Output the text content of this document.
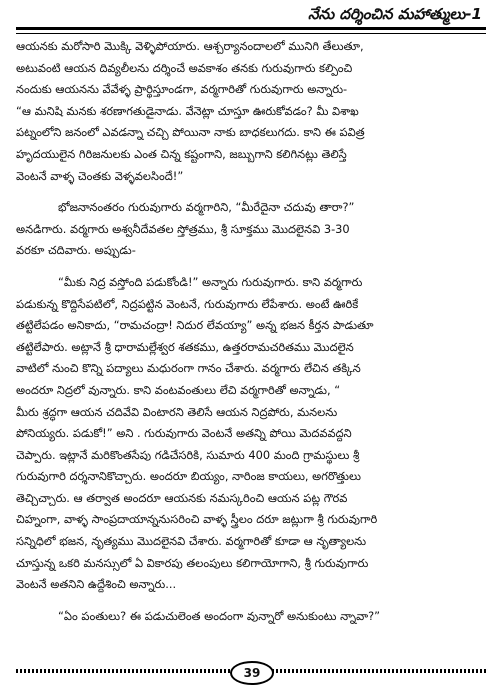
నేను దర్శించిన మహాత్ములు-1
ఆయనకు మరోసారి మొక్కి వెళ్ళిపోయారు. ఆశ్చర్యానందాలలో మునిగి తేలుతూ,
అటువంటి ఆయన దివ్యలీలను దర్శించే అవకాశం తనకు గురువుగారు కల్పించి
నందుకు ఆయనను వేవేళ్ళ ప్రార్థిస్తూండగా, వర్మగారితో గురువుగారు అన్నారు-
“ఆ మనిషి మనకు శరణాగతుడైనాడు. వేనెట్లా చూస్తూ ఊరుకోవడం? మీ విశాఖ
పట్నంలోని జనంలో ఎవడన్నా చచ్చి పోయినా నాకు బాధకలుగదు. కాని ఈ పవిత్ర
హృదయులైన గిరిజనులకు ఎంత చిన్న కష్టంగాని, జబ్బుగాని కలిగినట్లు తెలిస్తే
వెంటనే వాళ్ళ చెంతకు వెళ్ళవలసిందే!”
భోజనానంతరం గురువుగారు వర్మగారిని, “మీరేదైనా చదువు తారా?”
అనడిగారు. వర్మగారు అశ్వనీదేవతల స్తోత్రము, శ్రీ సూక్తము మొదలైనవి 3-30
వరకూ చదివారు. అప్పుడు-
“మీకు నిద్ర వస్తోంది పడుకోండి!” అన్నారు గురువుగారు. కాని వర్మగారు
పడుకున్న కొద్దిసేపటిలో, నిద్రపట్టిన వెంటనే, గురువుగారు లేపేశారు. అంటే ఊరికే
తట్టిలేపడం అనికాదు, “రామచంద్రా! నిదుర లేవయ్యా” అన్న భజన కీర్తన పాడుతూ
తట్టిలేపారు. అట్లానే శ్రీ ధారామల్లేశ్వర శతకము, ఉత్తరరామచరితము మొదలైన
వాటిలో నుంచి కొన్ని పద్యాలు మధురంగా గానం చేశారు. వర్మగారు లేచిన తక్కిన
అందరూ నిద్రలో వున్నారు. కాని వంటవంతులు లేచి వర్మగారితో అన్నాడు, “
మీరు శ్రద్ధగా ఆయన చదివేవి వింటారని తెలిసే ఆయన నిద్రపోరు, మనలను
పోనియ్యరు. పడుకో!” అని . గురువుగారు వెంటనే అతన్ని పోయి మెదవవద్దని
చెప్పారు. ఇట్లానే మరికొంతసేపు గడిచేసరికి, సుమారు 400 మంది గ్రామస్థులు శ్రీ
గురువుగారి దర్శనానికొచ్చారు. అందరూ బియ్యం, నారింజ కాయలు, అగరొత్తులు
తెచ్చిచ్చారు. ఆ తర్వాత అందరూ ఆయనకు నమస్కరించి ఆయన పట్ల గౌరవ
చిహ్నంగా, వాళ్ళ సాంప్రదాయాన్ననుసరించి వాళ్ళ స్త్రీలం దరూ జట్లుగా శ్రీ గురువుగారి
సన్నిధిలో భజన, నృత్యము మొదలైనవి చేశారు. వర్మగారితో కూడా ఆ నృత్యాలను
చూస్తున్న ఒకరి మనస్సులో ఏ వికారపు తలంపులు కలిగాయోగాని, శ్రీ గురువుగారు
వెంటనే అతనిని ఉద్దేశించి అన్నారు...
“ఏం పంతులు? ఈ పడుచులెంత అందంగా వున్నారో అనుకుంటు న్నావా?”
39
